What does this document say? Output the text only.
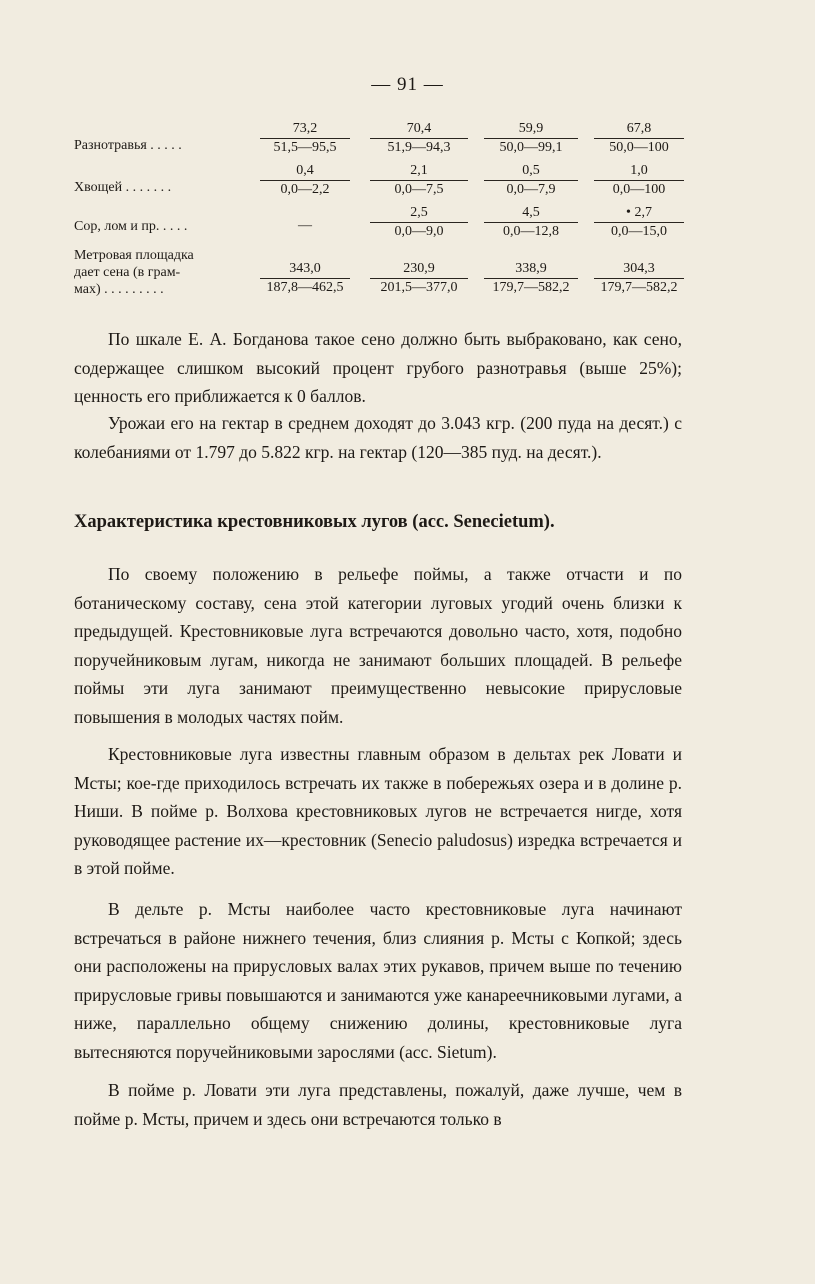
— 91 —
Разнотравья . . . . .
73,2
51,5—95,5
70,4
51,9—94,3
59,9
50,0—99,1
67,8
50,0—100
Хвощей . . . . . . .
0,4
0,0—2,2
2,1
0,0—7,5
0,5
0,0—7,9
1,0
0,0—100
Сор, лом и пр. . . . .	—
2,5
0,0—9,0
4,5
0,0—12,8
• 2,7
0,0—15,0
Метровая площадка
дает сена (в грам-
мах) . . . . . . . . .
343,0
187,8—462,5
230,9
201,5—377,0
338,9
179,7—582,2
304,3
179,7—582,2

По шкале Е. А. Богданова такое сено должно быть выбраковано, как сено, содержащее слишком высокий процент грубого разнотравья (выше 25%); ценность его приближается к 0 баллов.

Урожаи его на гектар в среднем доходят до 3.043 кгр. (200 пуда на десят.) с колебаниями от 1.797 до 5.822 кгр. на гектар (120—385 пуд. на десят.).

Характеристика крестовниковых лугов (асс. Senecietum).

По своему положению в рельефе поймы, а также отчасти и по ботаническому составу, сена этой категории луговых угодий очень близки к предыдущей. Крестовниковые луга встречаются довольно часто, хотя, подобно поручейниковым лугам, никогда не занимают больших площадей. В рельефе поймы эти луга занимают преимущественно невысокие прирусловые повышения в молодых частях пойм.

Крестовниковые луга известны главным образом в дельтах рек Ловати и Мсты; кое-где приходилось встречать их также в побережьях озера и в долине р. Ниши. В пойме р. Волхова крестовниковых лугов не встречается нигде, хотя руководящее растение их—крестовник (Senecio paludosus) изредка встречается и в этой пойме.

В дельте р. Мсты наиболее часто крестовниковые луга начинают встречаться в районе нижнего течения, близ слияния р. Мсты с Копкой; здесь они расположены на прирусловых валах этих рукавов, причем выше по течению прирусловые гривы повышаются и занимаются уже канареечниковыми лугами, а ниже, параллельно общему снижению долины, крестовниковые луга вытесняются поручейниковыми зарослями (асс. Sietum).

В пойме р. Ловати эти луга представлены, пожалуй, даже лучше, чем в пойме р. Мсты, причем и здесь они встречаются только в
